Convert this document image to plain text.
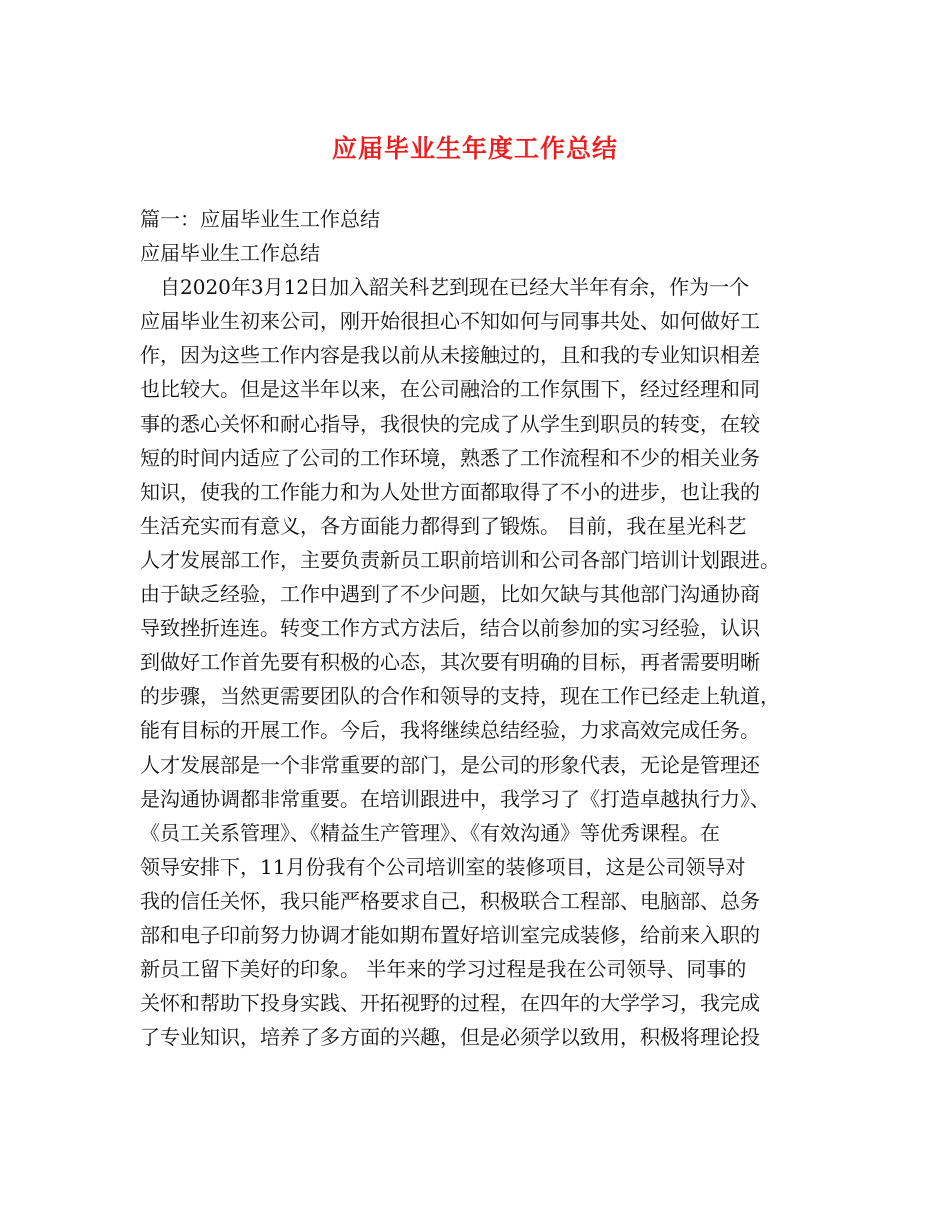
应届毕业生年度工作总结
篇一：应届毕业生工作总结
应届毕业生工作总结
　自2020年3月12日加入韶关科艺到现在已经大半年有余，作为一个
应届毕业生初来公司，刚开始很担心不知如何与同事共处、如何做好工
作，因为这些工作内容是我以前从未接触过的，且和我的专业知识相差
也比较大。但是这半年以来，在公司融洽的工作氛围下，经过经理和同
事的悉心关怀和耐心指导，我很快的完成了从学生到职员的转变，在较
短的时间内适应了公司的工作环境，熟悉了工作流程和不少的相关业务
知识，使我的工作能力和为人处世方面都取得了不小的进步，也让我的
生活充实而有意义，各方面能力都得到了锻炼。 目前，我在星光科艺
人才发展部工作，主要负责新员工职前培训和公司各部门培训计划跟进。
由于缺乏经验，工作中遇到了不少问题，比如欠缺与其他部门沟通协商
导致挫折连连。转变工作方式方法后，结合以前参加的实习经验，认识
到做好工作首先要有积极的心态，其次要有明确的目标，再者需要明晰
的步骤，当然更需要团队的合作和领导的支持，现在工作已经走上轨道，
能有目标的开展工作。今后，我将继续总结经验，力求高效完成任务。
人才发展部是一个非常重要的部门，是公司的形象代表，无论是管理还
是沟通协调都非常重要。在培训跟进中，我学习了《打造卓越执行力》、
《员工关系管理》、《精益生产管理》、《有效沟通》等优秀课程。在
领导安排下，11月份我有个公司培训室的装修项目，这是公司领导对
我的信任关怀，我只能严格要求自己，积极联合工程部、电脑部、总务
部和电子印前努力协调才能如期布置好培训室完成装修，给前来入职的
新员工留下美好的印象。 半年来的学习过程是我在公司领导、同事的
关怀和帮助下投身实践、开拓视野的过程，在四年的大学学习，我完成
了专业知识，培养了多方面的兴趣，但是必须学以致用，积极将理论投
